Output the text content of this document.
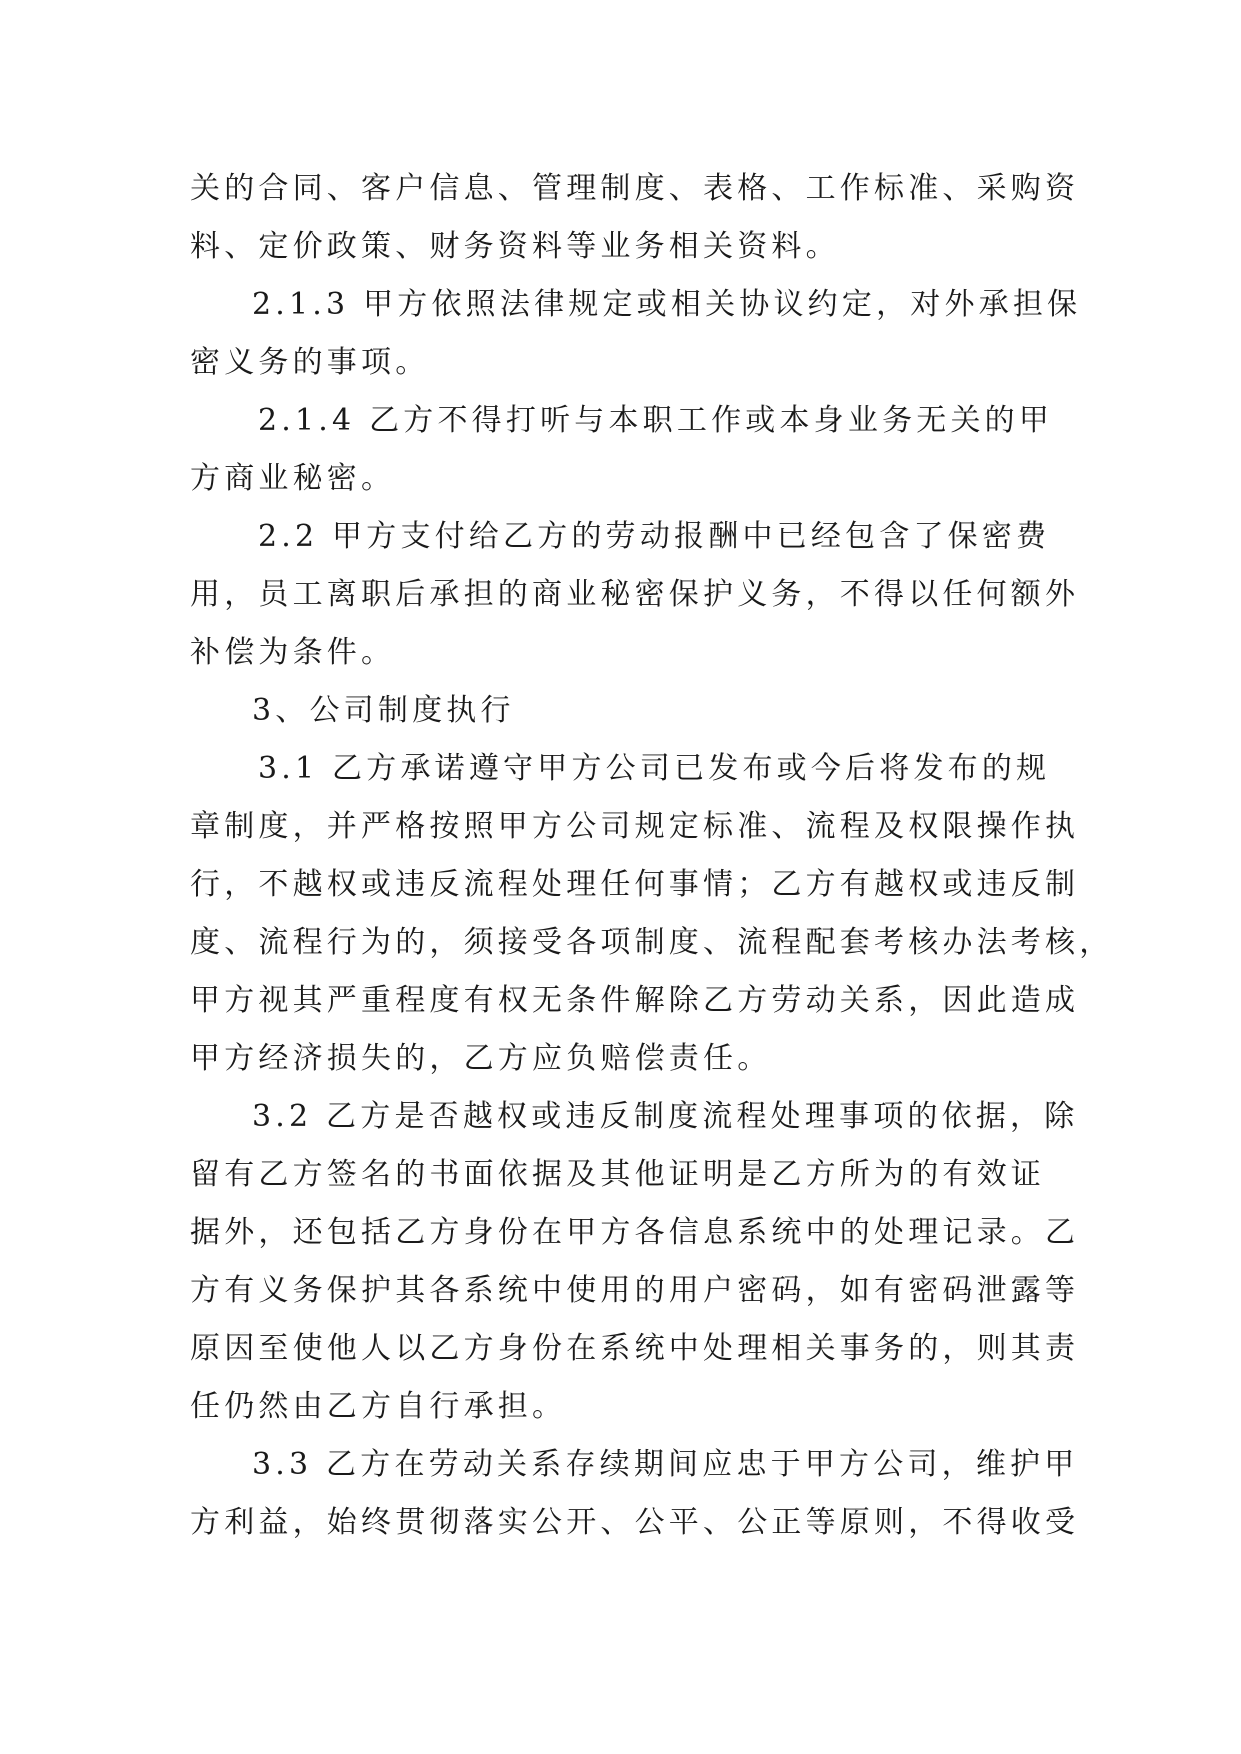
关的合同、客户信息、管理制度、表格、工作标准、采购资
料、定价政策、财务资料等业务相关资料。
2.1.3 甲方依照法律规定或相关协议约定，对外承担保
密义务的事项。
2.1.4 乙方不得打听与本职工作或本身业务无关的甲
方商业秘密。
2.2 甲方支付给乙方的劳动报酬中已经包含了保密费
用，员工离职后承担的商业秘密保护义务，不得以任何额外
补偿为条件。
3、公司制度执行
3.1 乙方承诺遵守甲方公司已发布或今后将发布的规
章制度，并严格按照甲方公司规定标准、流程及权限操作执
行，不越权或违反流程处理任何事情；乙方有越权或违反制
度、流程行为的，须接受各项制度、流程配套考核办法考核，
甲方视其严重程度有权无条件解除乙方劳动关系，因此造成
甲方经济损失的，乙方应负赔偿责任。
3.2 乙方是否越权或违反制度流程处理事项的依据，除
留有乙方签名的书面依据及其他证明是乙方所为的有效证
据外，还包括乙方身份在甲方各信息系统中的处理记录。乙
方有义务保护其各系统中使用的用户密码，如有密码泄露等
原因至使他人以乙方身份在系统中处理相关事务的，则其责
任仍然由乙方自行承担。
3.3 乙方在劳动关系存续期间应忠于甲方公司，维护甲
方利益，始终贯彻落实公开、公平、公正等原则，不得收受
